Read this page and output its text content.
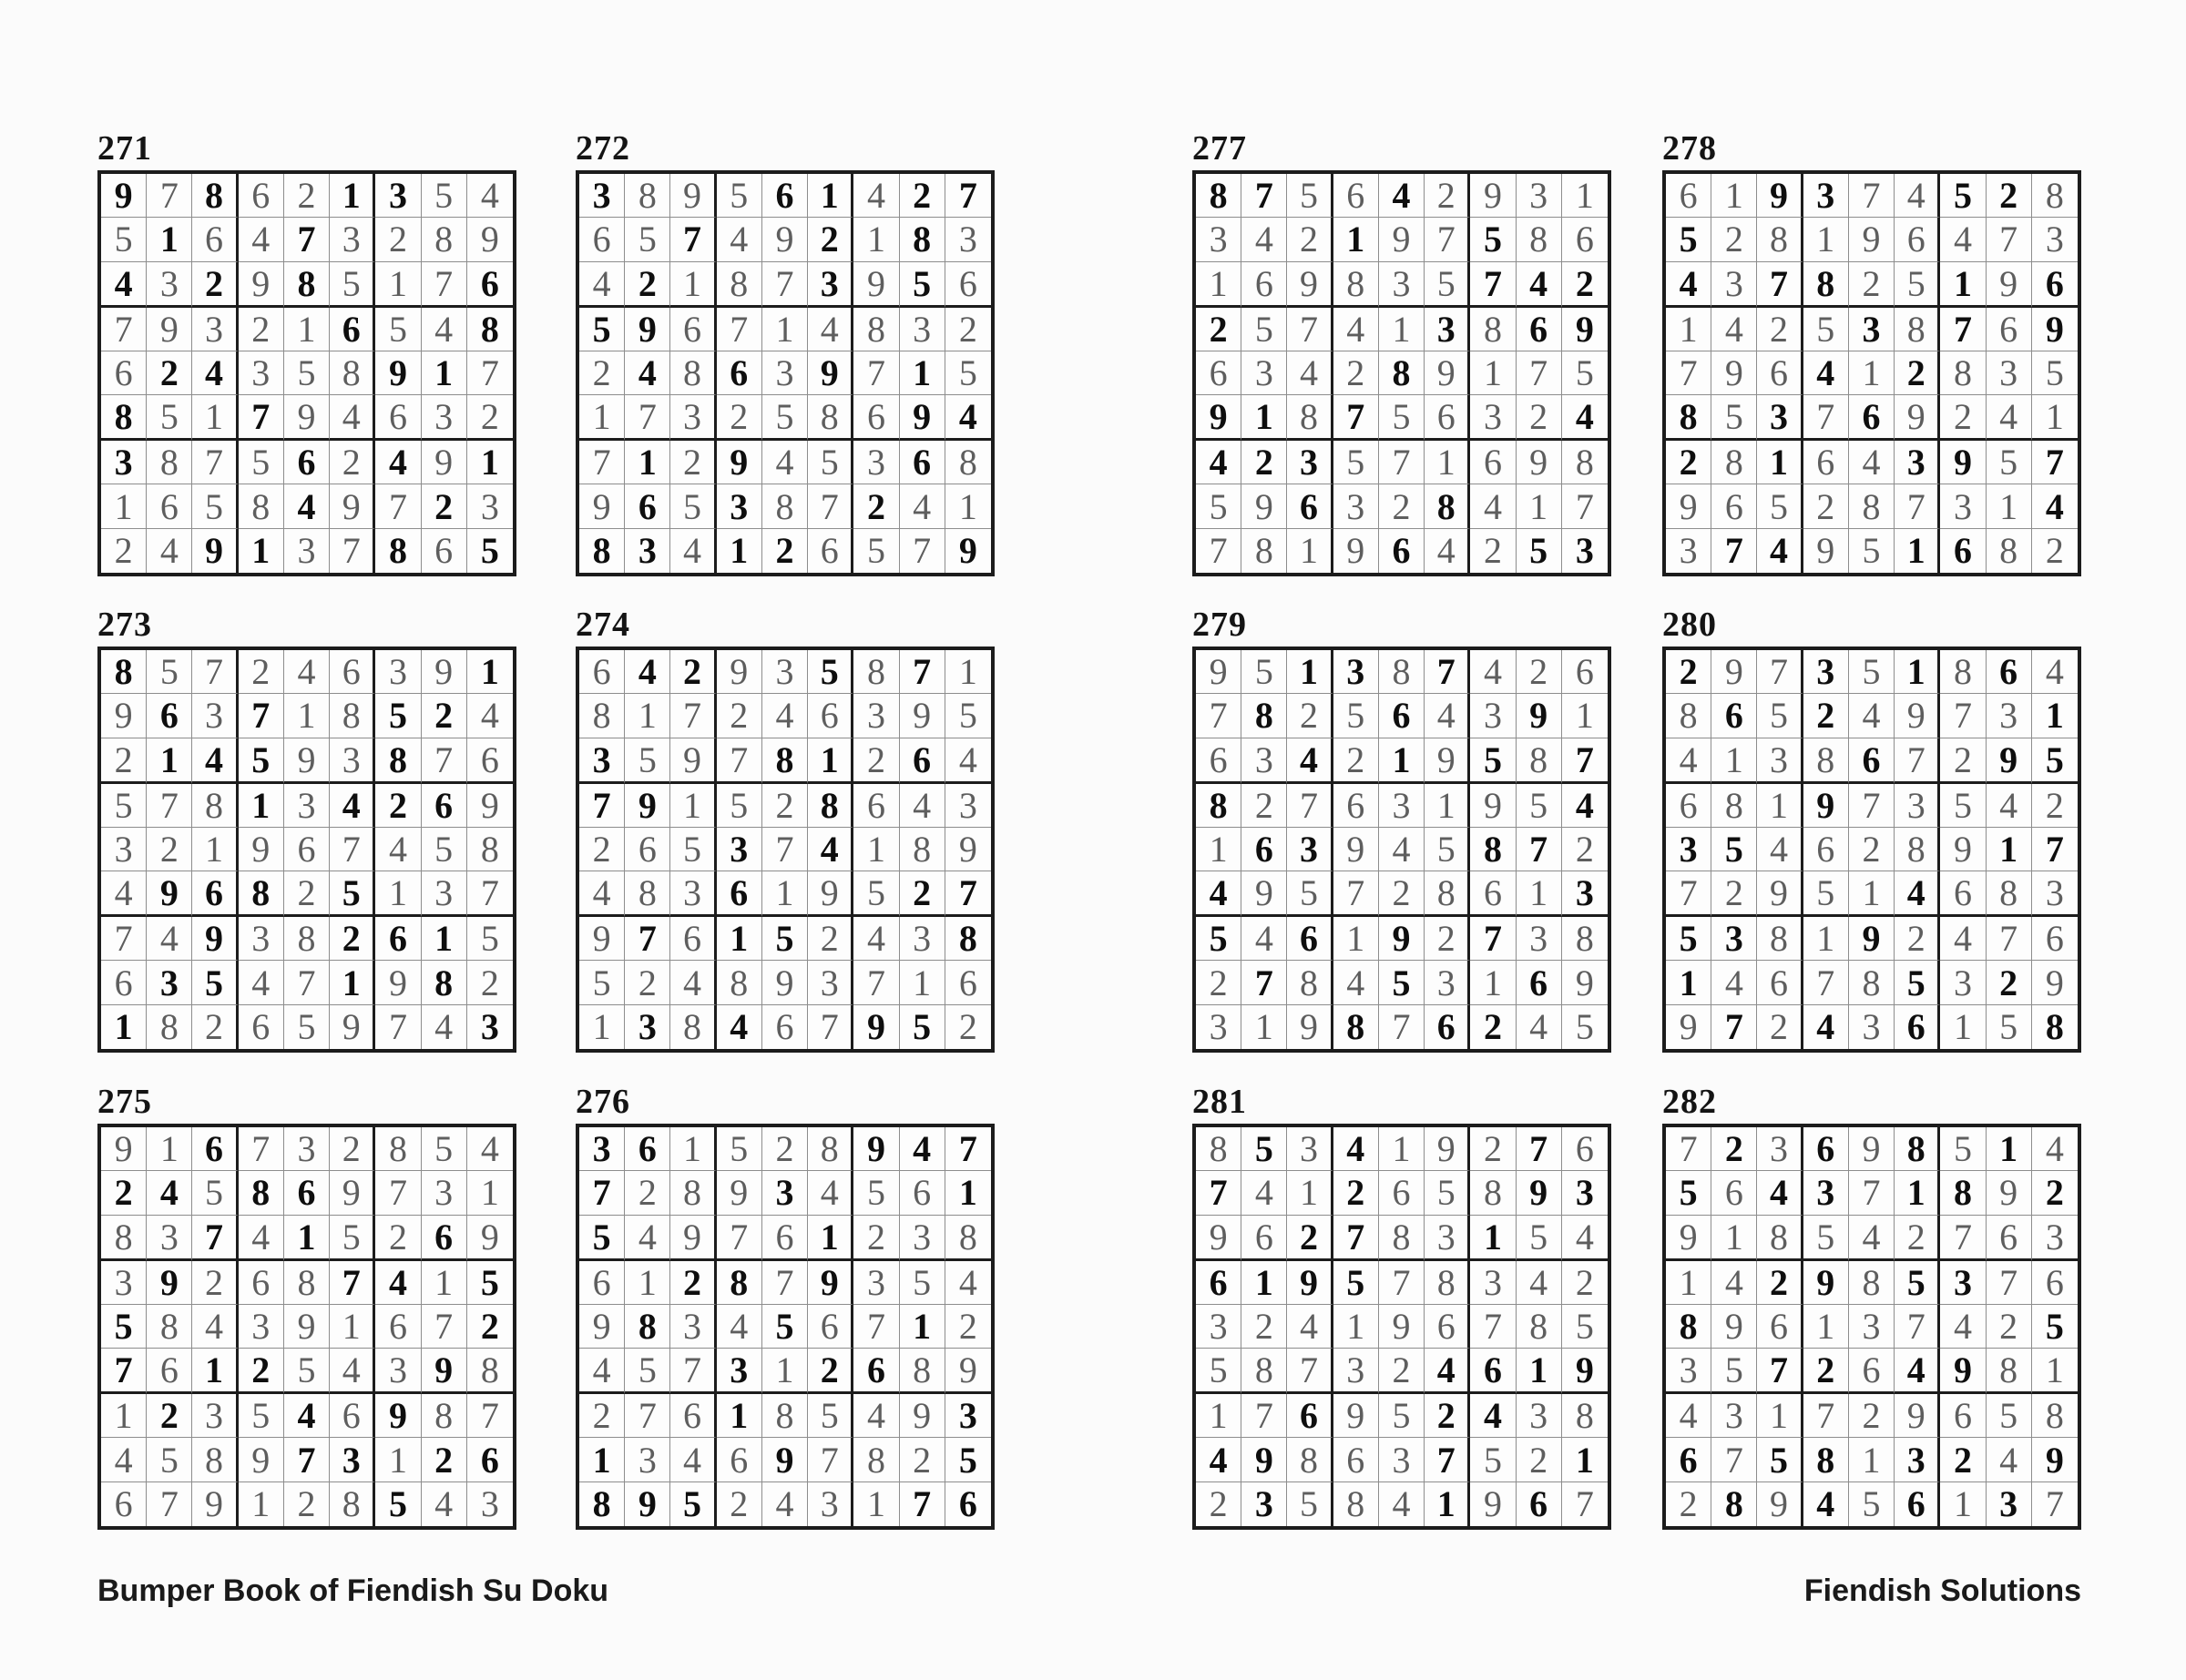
271
9 7 8 6 2 1 3 5 4
5 1 6 4 7 3 2 8 9
4 3 2 9 8 5 1 7 6
7 9 3 2 1 6 5 4 8
6 2 4 3 5 8 9 1 7
8 5 1 7 9 4 6 3 2
3 8 7 5 6 2 4 9 1
1 6 5 8 4 9 7 2 3
2 4 9 1 3 7 8 6 5
272
3 8 9 5 6 1 4 2 7
6 5 7 4 9 2 1 8 3
4 2 1 8 7 3 9 5 6
5 9 6 7 1 4 8 3 2
2 4 8 6 3 9 7 1 5
1 7 3 2 5 8 6 9 4
7 1 2 9 4 5 3 6 8
9 6 5 3 8 7 2 4 1
8 3 4 1 2 6 5 7 9
277
8 7 5 6 4 2 9 3 1
3 4 2 1 9 7 5 8 6
1 6 9 8 3 5 7 4 2
2 5 7 4 1 3 8 6 9
6 3 4 2 8 9 1 7 5
9 1 8 7 5 6 3 2 4
4 2 3 5 7 1 6 9 8
5 9 6 3 2 8 4 1 7
7 8 1 9 6 4 2 5 3
278
6 1 9 3 7 4 5 2 8
5 2 8 1 9 6 4 7 3
4 3 7 8 2 5 1 9 6
1 4 2 5 3 8 7 6 9
7 9 6 4 1 2 8 3 5
8 5 3 7 6 9 2 4 1
2 8 1 6 4 3 9 5 7
9 6 5 2 8 7 3 1 4
3 7 4 9 5 1 6 8 2
273
8 5 7 2 4 6 3 9 1
9 6 3 7 1 8 5 2 4
2 1 4 5 9 3 8 7 6
5 7 8 1 3 4 2 6 9
3 2 1 9 6 7 4 5 8
4 9 6 8 2 5 1 3 7
7 4 9 3 8 2 6 1 5
6 3 5 4 7 1 9 8 2
1 8 2 6 5 9 7 4 3
274
6 4 2 9 3 5 8 7 1
8 1 7 2 4 6 3 9 5
3 5 9 7 8 1 2 6 4
7 9 1 5 2 8 6 4 3
2 6 5 3 7 4 1 8 9
4 8 3 6 1 9 5 2 7
9 7 6 1 5 2 4 3 8
5 2 4 8 9 3 7 1 6
1 3 8 4 6 7 9 5 2
279
9 5 1 3 8 7 4 2 6
7 8 2 5 6 4 3 9 1
6 3 4 2 1 9 5 8 7
8 2 7 6 3 1 9 5 4
1 6 3 9 4 5 8 7 2
4 9 5 7 2 8 6 1 3
5 4 6 1 9 2 7 3 8
2 7 8 4 5 3 1 6 9
3 1 9 8 7 6 2 4 5
280
2 9 7 3 5 1 8 6 4
8 6 5 2 4 9 7 3 1
4 1 3 8 6 7 2 9 5
6 8 1 9 7 3 5 4 2
3 5 4 6 2 8 9 1 7
7 2 9 5 1 4 6 8 3
5 3 8 1 9 2 4 7 6
1 4 6 7 8 5 3 2 9
9 7 2 4 3 6 1 5 8
275
9 1 6 7 3 2 8 5 4
2 4 5 8 6 9 7 3 1
8 3 7 4 1 5 2 6 9
3 9 2 6 8 7 4 1 5
5 8 4 3 9 1 6 7 2
7 6 1 2 5 4 3 9 8
1 2 3 5 4 6 9 8 7
4 5 8 9 7 3 1 2 6
6 7 9 1 2 8 5 4 3
276
3 6 1 5 2 8 9 4 7
7 2 8 9 3 4 5 6 1
5 4 9 7 6 1 2 3 8
6 1 2 8 7 9 3 5 4
9 8 3 4 5 6 7 1 2
4 5 7 3 1 2 6 8 9
2 7 6 1 8 5 4 9 3
1 3 4 6 9 7 8 2 5
8 9 5 2 4 3 1 7 6
281
8 5 3 4 1 9 2 7 6
7 4 1 2 6 5 8 9 3
9 6 2 7 8 3 1 5 4
6 1 9 5 7 8 3 4 2
3 2 4 1 9 6 7 8 5
5 8 7 3 2 4 6 1 9
1 7 6 9 5 2 4 3 8
4 9 8 6 3 7 5 2 1
2 3 5 8 4 1 9 6 7
282
7 2 3 6 9 8 5 1 4
5 6 4 3 7 1 8 9 2
9 1 8 5 4 2 7 6 3
1 4 2 9 8 5 3 7 6
8 9 6 1 3 7 4 2 5
3 5 7 2 6 4 9 8 1
4 3 1 7 2 9 6 5 8
6 7 5 8 1 3 2 4 9
2 8 9 4 5 6 1 3 7
Bumper Book of Fiendish Su Doku	Fiendish Solutions
